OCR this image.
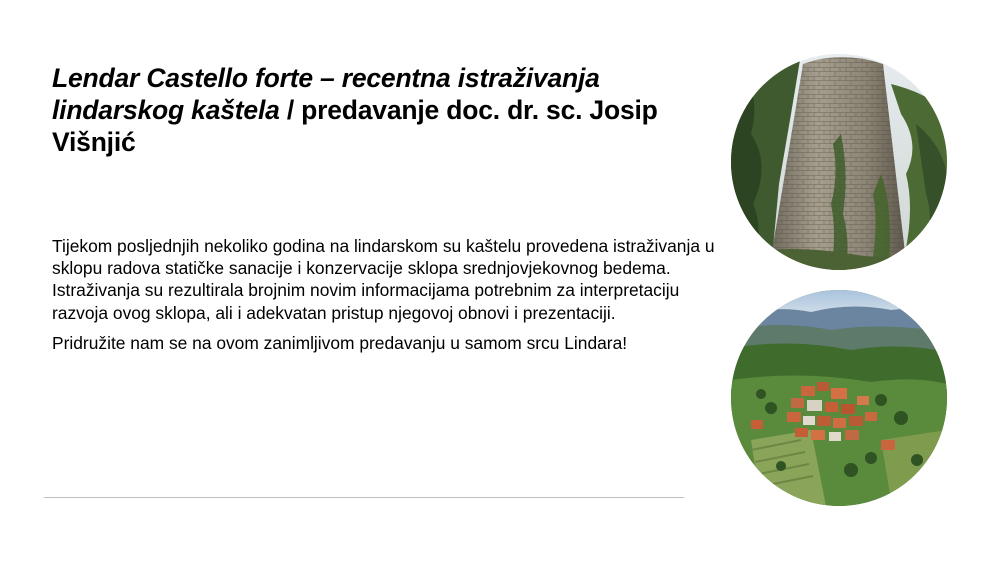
Lendar Castello forte – recentna istraživanja lindarskog kaštela / predavanje doc. dr. sc. Josip Višnjić

Tijekom posljednjih nekoliko godina na lindarskom su kaštelu provedena istraživanja u sklopu radova statičke sanacije i konzervacije sklopa srednjovjekovnog bedema. Istraživanja su rezultirala brojnim novim informacijama potrebnim za interpretaciju razvoja ovog sklopa, ali i adekvatan pristup njegovoj obnovi i prezentaciji.

Pridružite nam se na ovom zanimljivom predavanju u samom srcu Lindara!
